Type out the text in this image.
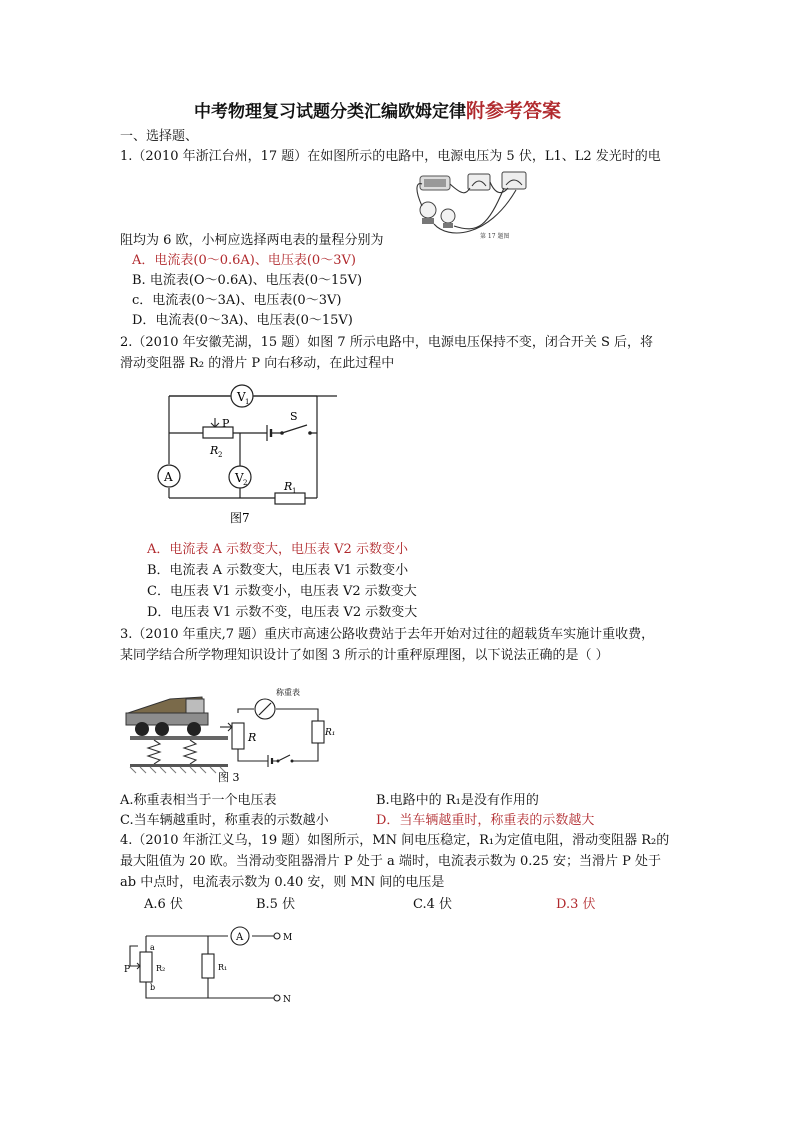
中考物理复习试题分类汇编欧姆定律附参考答案
一、选择题、
1.（2010 年浙江台州，17 题）在如图所示的电路中，电源电压为 5 伏，L1、L2 发光时的电
第 17 题图
阻均为 6 欧，小柯应选择两电表的量程分别为
A．电流表(0～0.6A)、电压表(0～3V)
B. 电流表(O～0.6A)、电压表(0～15V)
c．电流表(0～3A)、电压表(0～3V)
D．电流表(0～3A)、电压表(0～15V)
2.（2010 年安徽芜湖，15 题）如图 7 所示电路中，电源电压保持不变，闭合开关 S 后，将
滑动变阻器 R₂ 的滑片 P 向右移动，在此过程中
V 1
P
R 2
S
A	V 2	R 1
图7
A．电流表 A 示数变大，电压表 V2 示数变小
B．电流表 A 示数变大，电压表 V1 示数变小
C．电压表 V1 示数变小，电压表 V2 示数变大
D．电压表 V1 示数不变，电压表 V2 示数变大
3.（2010 年重庆,7 题）重庆市高速公路收费站于去年开始对过往的超载货车实施计重收费，
某同学结合所学物理知识设计了如图 3 所示的计重秤原理图，以下说法正确的是（ ）
称重表
R	R₁
图 3
A.称重表相当于一个电压表	B.电路中的 R₁是没有作用的
C.当车辆越重时，称重表的示数越小	D．当车辆越重时，称重表的示数越大
4.（2010 年浙江义乌，19 题）如图所示，MN 间电压稳定，R₁为定值电阻，滑动变阻器 R₂的
最大阻值为 20 欧。当滑动变阻器滑片 P 处于 a 端时，电流表示数为 0.25 安；当滑片 P 处于
ab 中点时，电流表示数为 0.40 安，则 MN 间的电压是
A.6 伏	B.5 伏	C.4 伏	D.3 伏
P
a
b
R₂	R₁
A	M
N
